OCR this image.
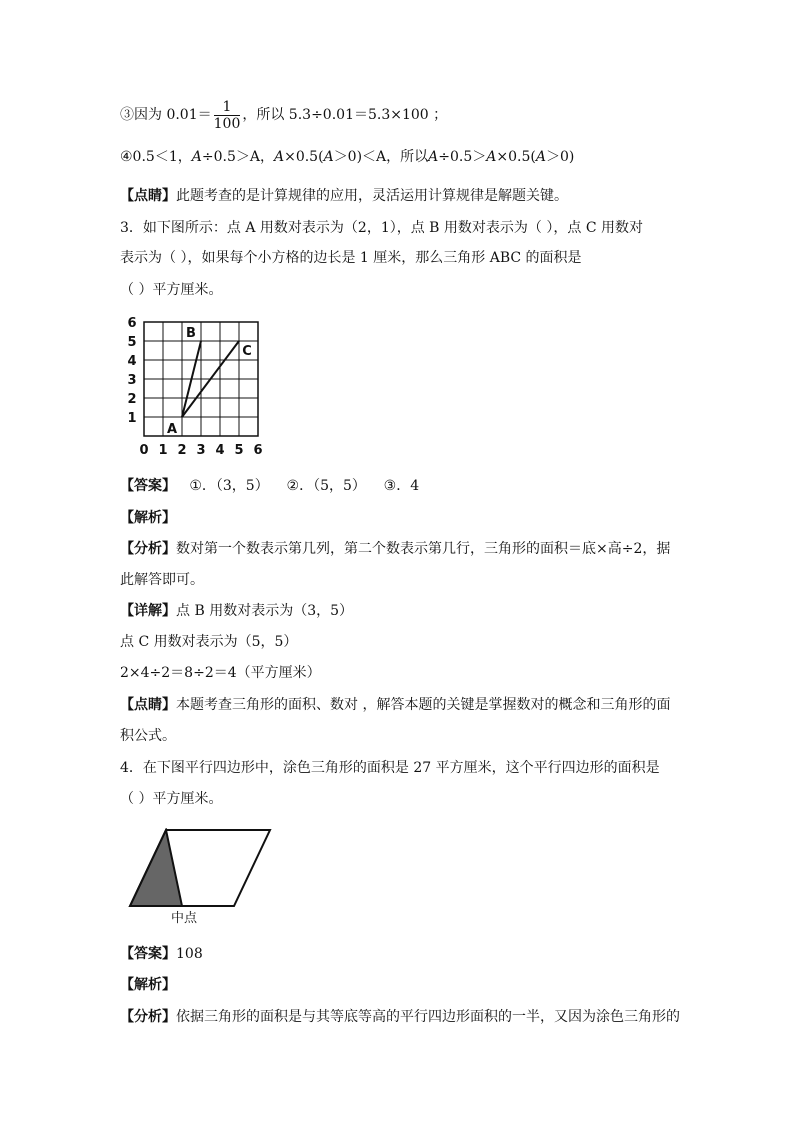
③因为 $0.01= \frac{1}{100}$ ，所以 5.3÷0.01＝5.3×100 ；
④0.5＜1，A÷0.5＞A，A×0.5(A＞0)＜A，所以A÷0.5＞A×0.5(A＞0)
【点睛】此题考查的是计算规律的应用，灵活运用计算规律是解题关键。
3．如下图所示：点 A 用数对表示为（2，1），点 B 用数对表示为（ ），点 C 用数对
表示为（ ），如果每个小方格的边长是 1 厘米，那么三角形 ABC 的面积是
（ ）平方厘米。
6
5
4
3
2
1
0 1 2 3 4 5 6
A
B
C
【答案】   ①．（3，5）    ②．（5，5）    ③．4
【解析】
【分析】数对第一个数表示第几列，第二个数表示第几行，三角形的面积＝底×高÷2，据
此解答即可。
【详解】点 B 用数对表示为（3，5）
点 C 用数对表示为（5，5）
2×4÷2＝8÷2＝4（平方厘米）
【点睛】本题考查三角形的面积、数对 ，解答本题的关键是掌握数对的概念和三角形的面
积公式。
4．在下图平行四边形中，涂色三角形的面积是 27 平方厘米，这个平行四边形的面积是
（ ）平方厘米。
中点
【答案】108
【解析】
【分析】依据三角形的面积是与其等底等高的平行四边形面积的一半，又因为涂色三角形的
